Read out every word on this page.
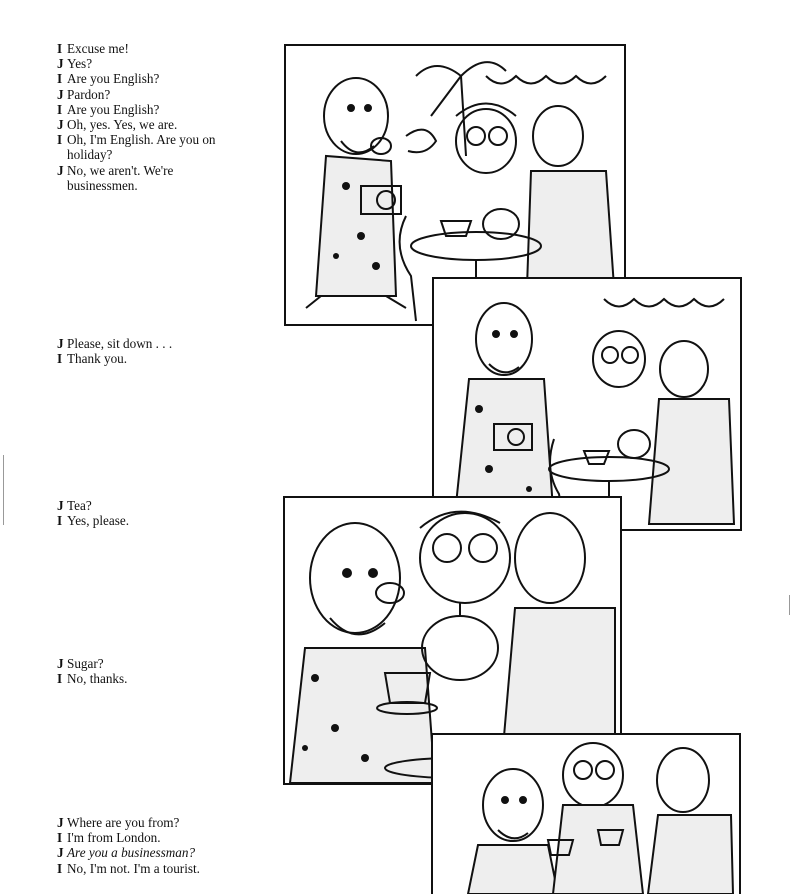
I Excuse me!
J Yes?
I Are you English?
J Pardon?
I Are you English?
J Oh, yes. Yes, we are.
I Oh, I'm English. Are you on holiday?
J No, we aren't. We're businessmen.
J Please, sit down . . .
I Thank you.
J Tea?
I Yes, please.
J Sugar?
I No, thanks.
J Where are you from?
I I'm from London.
J Are you a businessman?
I No, I'm not. I'm a tourist.
